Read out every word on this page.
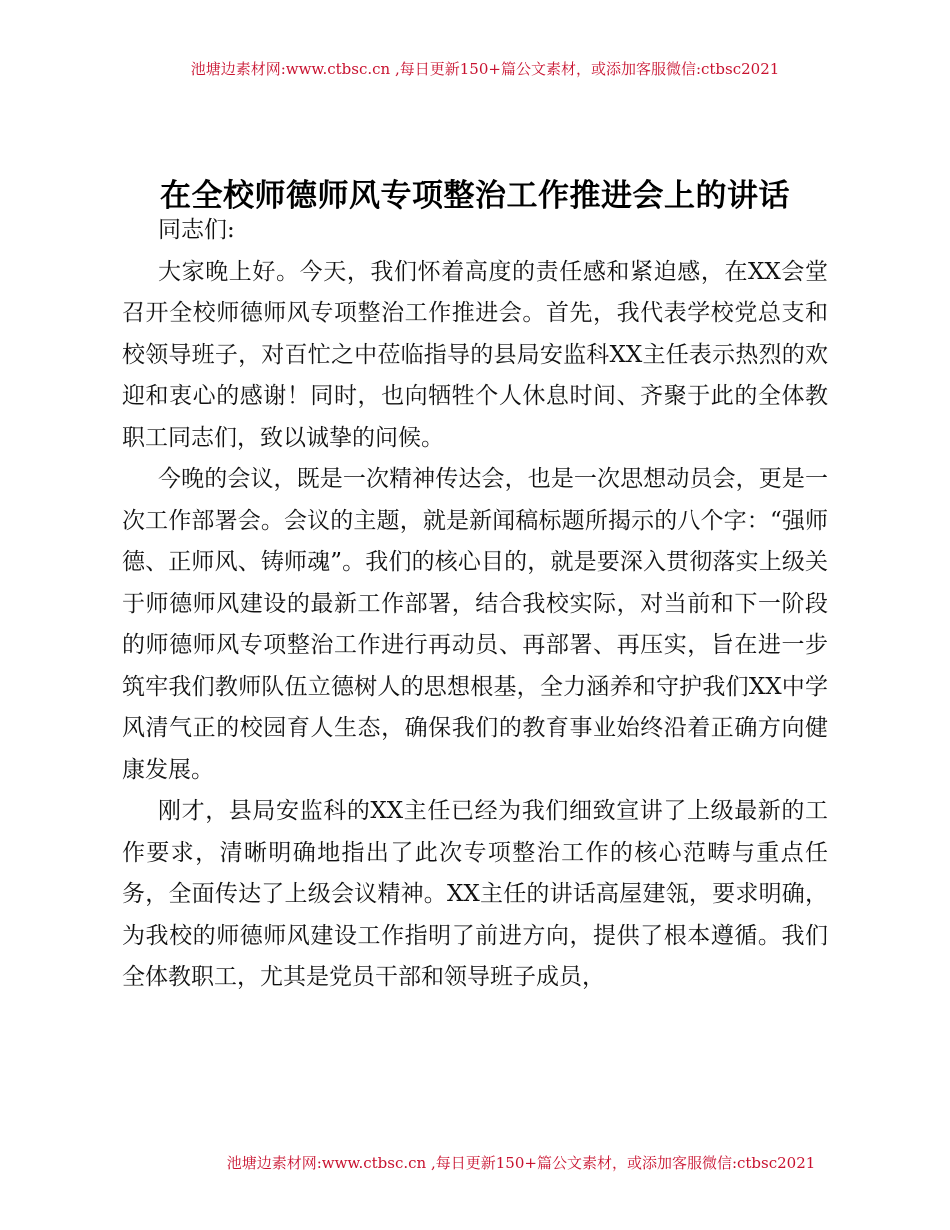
池塘边素材网:www.ctbsc.cn ,每日更新150+篇公文素材，或添加客服微信:ctbsc2021
在全校师德师风专项整治工作推进会上的讲话

同志们:

大家晚上好。今天，我们怀着高度的责任感和紧迫感，在XX会堂召开全校师德师风专项整治工作推进会。首先，我代表学校党总支和校领导班子，对百忙之中莅临指导的县局安监科XX主任表示热烈的欢迎和衷心的感谢！同时，也向牺牲个人休息时间、齐聚于此的全体教职工同志们，致以诚挚的问候。

今晚的会议，既是一次精神传达会，也是一次思想动员会，更是一次工作部署会。会议的主题，就是新闻稿标题所揭示的八个字：“强师德、正师风、铸师魂”。我们的核心目的，就是要深入贯彻落实上级关于师德师风建设的最新工作部署，结合我校实际，对当前和下一阶段的师德师风专项整治工作进行再动员、再部署、再压实，旨在进一步筑牢我们教师队伍立德树人的思想根基，全力涵养和守护我们XX中学风清气正的校园育人生态，确保我们的教育事业始终沿着正确方向健康发展。

刚才，县局安监科的XX主任已经为我们细致宣讲了上级最新的工作要求，清晰明确地指出了此次专项整治工作的核心范畴与重点任务，全面传达了上级会议精神。XX主任的讲话高屋建瓴，要求明确，为我校的师德师风建设工作指明了前进方向，提供了根本遵循。我们全体教职工，尤其是党员干部和领导班子成员，

池塘边素材网:www.ctbsc.cn ,每日更新150+篇公文素材，或添加客服微信:ctbsc2021
